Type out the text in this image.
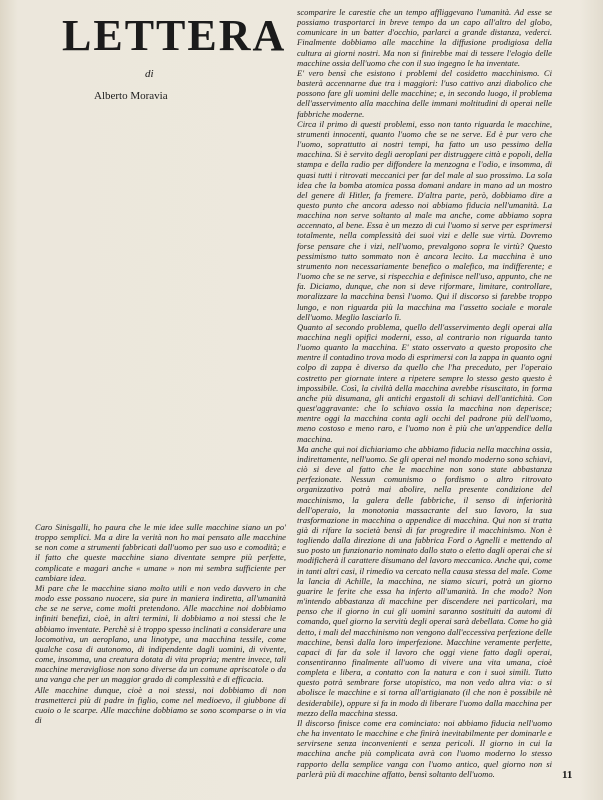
LETTERA
di
Alberto Moravia

Caro Sinisgalli, ho paura che le mie idee sulle macchine siano un po' troppo semplici. Ma a dire la verità non ho mai pensato alle macchine se non come a strumenti fabbricati dall'uomo per suo uso e comodità; e il fatto che queste macchine siano diventate sempre più perfette, complicate e magari anche « umane » non mi sembra sufficiente per cambiare idea.

Mi pare che le macchine siano molto utili e non vedo davvero in che modo esse possano nuocere, sia pure in maniera indiretta, all'umanità che se ne serve, come molti pretendono. Alle macchine noi dobbiamo infiniti benefizi, cioè, in altri termini, li dobbiamo a noi stessi che le abbiamo inventate. Perchè si è troppo spesso inclinati a considerare una locomotiva, un aeroplano, una linotype, una macchina tessile, come qualche cosa di autonomo, di indipendente dagli uomini, di vivente, come, insomma, una creatura dotata di vita propria; mentre invece, tali macchine meravigliose non sono diverse da un comune apriscatole o da una vanga che per un maggior grado di complessità e di efficacia.

Alle macchine dunque, cioè a noi stessi, noi dobbiamo di non trasmetterci più di padre in figlio, come nel medioevo, il giubbone di cuoio o le scarpe. Alle macchine dobbiamo se sono scomparse o in via di

scomparire le carestie che un tempo affliggevano l'umanità. Ad esse se possiamo trasportarci in breve tempo da un capo all'altro del globo, comunicare in un batter d'occhio, parlarci a grande distanza, vederci. Finalmente dobbiamo alle macchine la diffusione prodigiosa della cultura ai giorni nostri. Ma non si finirebbe mai di tessere l'elogio delle macchine ossia dell'uomo che con il suo ingegno le ha inventate.

E' vero bensì che esistono i problemi del cosidetto macchinismo. Ci basterà accennarne due tra i maggiori: l'uso cattivo anzi diabolico che possono fare gli uomini delle macchine; e, in secondo luogo, il problema dell'asservimento alla macchina delle immani moltitudini di operai nelle fabbriche moderne.

Circa il primo di questi problemi, esso non tanto riguarda le macchine, strumenti innocenti, quanto l'uomo che se ne serve. Ed è pur vero che l'uomo, soprattutto ai nostri tempi, ha fatto un uso pessimo della macchina. Si è servito degli aeroplani per distruggere città e popoli, della stampa e della radio per diffondere la menzogna e l'odio, e insomma, di quasi tutti i ritrovati meccanici per far del male al suo prossimo. La sola idea che la bomba atomica possa domani andare in mano ad un mostro del genere di Hitler, fa fremere. D'altra parte, però, dobbiamo dire a questo punto che ancora adesso noi abbiamo fiducia nell'umanità. La macchina non serve soltanto al male ma anche, come abbiamo sopra accennato, al bene. Essa è un mezzo di cui l'uomo si serve per esprimersi totalmente, nella complessità dei suoi vizi e delle sue virtù. Dovremo forse pensare che i vizi, nell'uomo, prevalgono sopra le virtù? Questo pessimismo tutto sommato non è ancora lecito. La macchina è uno strumento non necessariamente benefico o malefico, ma indifferente; e l'uomo che se ne serve, si rispecchia e definisce nell'uso, appunto, che ne fa. Diciamo, dunque, che non si deve riformare, limitare, controllare, moralizzare la macchina bensì l'uomo. Qui il discorso si farebbe troppo lungo, e non riguarda più la macchina ma l'assetto sociale e morale dell'uomo. Meglio lasciarlo lì.

Quanto al secondo problema, quello dell'asservimento degli operai alla macchina negli opifici moderni, esso, al contrario non riguarda tanto l'uomo quanto la macchina. E' stato osservato a questo proposito che mentre il contadino trova modo di esprimersi con la zappa in quanto ogni colpo di zappa è diverso da quello che l'ha preceduto, per l'operaio costretto per giornate intere a ripetere sempre lo stesso gesto questo è impossibile. Così, la civiltà della macchina avrebbe risuscitato, in forma anche più disumana, gli antichi ergastoli di schiavi dell'antichità. Con quest'aggravante: che lo schiavo ossia la macchina non deperisce; mentre oggi la macchina conta agli occhi del padrone più dell'uomo, meno costoso e meno raro, e l'uomo non è più che un'appendice della macchina.

Ma anche qui noi dichiariamo che abbiamo fiducia nella macchina ossia, indirettamente, nell'uomo. Se gli operai nel mondo moderno sono schiavi, ciò si deve al fatto che le macchine non sono state abbastanza perfezionate. Nessun comunismo o fordismo o altro ritrovato organizzativo potrà mai abolire, nella presente condizione del macchinismo, la galera delle fabbriche, il senso di inferiorità dell'operaio, la monotonia massacrante del suo lavoro, la sua trasformazione in macchina o appendice di macchina. Qui non si tratta già di rifare la società bensì di far progredire il macchinismo. Non è togliendo dalla direzione di una fabbrica Ford o Agnelli e mettendo al suo posto un funzionario nominato dallo stato o eletto dagli operai che si modificherà il carattere disumano del lavoro meccanico. Anche qui, come in tanti altri casi, il rimedio va cercato nella causa stessa del male. Come la lancia di Achille, la macchina, ne siamo sicuri, potrà un giorno guarire le ferite che essa ha inferto all'umanità. In che modo? Non m'intendo abbastanza di macchine per discendere nei particolari, ma penso che il giorno in cui gli uomini saranno sostituiti da automi di comando, quel giorno la servitù degli operai sarà debellata. Come ho già detto, i mali del macchinismo non vengono dall'eccessiva perfezione delle macchine, bensì dalla loro imperfezione. Macchine veramente perfette, capaci di far da sole il lavoro che oggi viene fatto dagli operai, consentiranno finalmente all'uomo di vivere una vita umana, cioè completa e libera, a contatto con la natura e con i suoi simili. Tutto questo potrà sembrare forse utopistico, ma non vedo altra via: o si abolisce le macchine e si torna all'artigianato (il che non è possibile nè desiderabile), oppure si fa in modo di liberare l'uomo dalla macchina per mezzo della macchina stessa.

Il discorso finisce come era cominciato: noi abbiamo fiducia nell'uomo che ha inventato le macchine e che finirà inevitabilmente per dominarle e servirsene senza inconvenienti e senza pericoli. Il giorno in cui la macchina anche più complicata avrà con l'uomo moderno lo stesso rapporto della semplice vanga con l'uomo antico, quel giorno non si parlerà più di macchine affatto, bensì soltanto dell'uomo.	11
